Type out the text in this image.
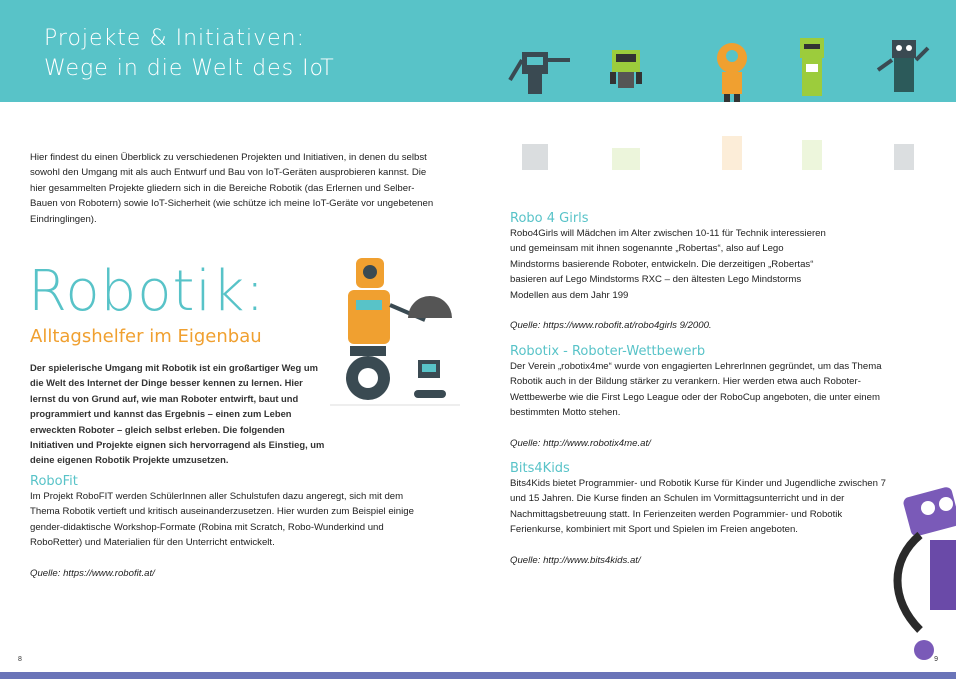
Projekte & Initiativen:
Wege in die Welt des IoT
Hier findest du einen Überblick zu verschiedenen Projekten und Initiativen, in denen du selbst sowohl den Umgang mit als auch Entwurf und Bau von IoT-Geräten ausprobieren kannst. Die hier gesammelten Projekte gliedern sich in die Bereiche Robotik (das Erlernen und Selber-Bauen von Robotern) sowie IoT-Sicherheit (wie schütze ich meine IoT-Geräte vor ungebetenen Eindringlingen).
Robotik:
Alltagshelfer im Eigenbau
Der spielerische Umgang mit Robotik ist ein großartiger Weg um die Welt des Internet der Dinge besser kennen zu lernen. Hier lernst du von Grund auf, wie man Roboter entwirft, baut und programmiert und kannst das Ergebnis – einen zum Leben erweckten Roboter – gleich selbst erleben. Die folgenden Initiativen und Projekte eignen sich hervorragend als Einstieg, um deine eigenen Robotik Projekte umzusetzen.
RoboFit
Im Projekt RoboFIT werden SchülerInnen aller Schulstufen dazu angeregt, sich mit dem Thema Robotik vertieft und kritisch auseinanderzusetzen. Hier wurden zum Beispiel einige gender-didaktische Workshop-Formate (Robina mit Scratch, Robo-Wunderkind und RoboRetter) und Materialien für den Unterricht entwickelt.
Quelle: https://www.robofit.at/
Robo 4 Girls
Robo4Girls will Mädchen im Alter zwischen 10-11 für Technik interessieren und gemeinsam mit ihnen sogenannte „Robertas“, also auf Lego Mindstorms basierende Roboter, entwickeln. Die derzeitigen „Robertas“ basieren auf Lego Mindstorms RXC – den ältesten Lego Mindstorms Modellen aus dem Jahr 199
Quelle: https://www.robofit.at/robo4girls 9/2000.
Robotix - Roboter-Wettbewerb
Der Verein „robotix4me“ wurde von engagierten LehrerInnen gegründet, um das Thema Robotik auch in der Bildung stärker zu verankern. Hier werden etwa auch Roboter-Wettbewerbe wie die First Lego League oder der RoboCup angeboten, die unter einem bestimmten Motto stehen.
Quelle: http://www.robotix4me.at/
Bits4Kids
Bits4Kids bietet Programmier- und Robotik Kurse für Kinder und Jugendliche zwischen 7 und 15 Jahren. Die Kurse finden an Schulen im Vormittagsunterricht und in der Nachmittagsbetreuung statt. In Ferienzeiten werden Pogrammier- und Robotik Ferienkurse, kombiniert mit Sport und Spielen im Freien angeboten.
Quelle: http://www.bits4kids.at/
8	9
